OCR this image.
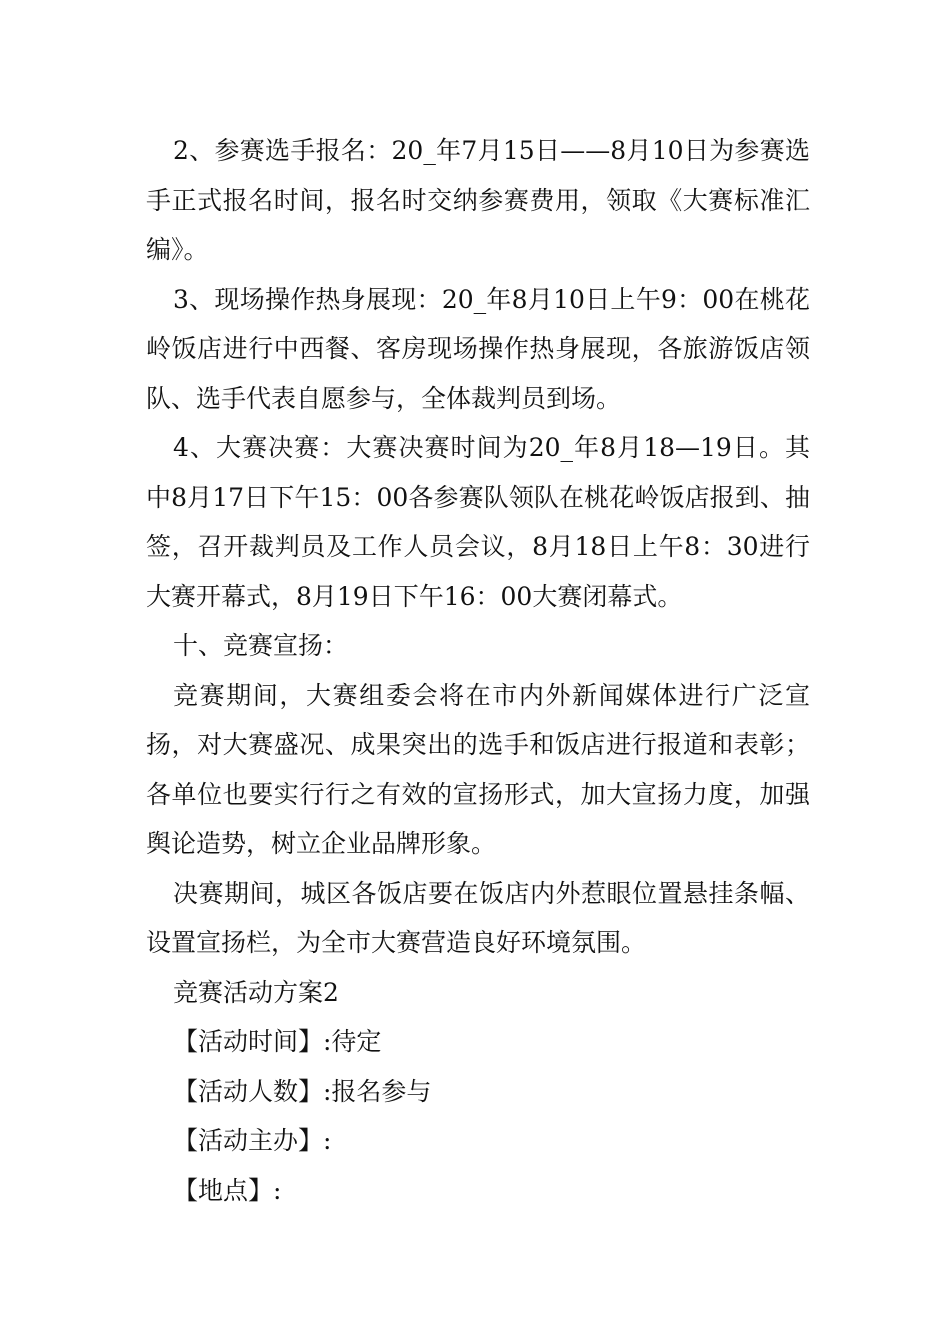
2、参赛选手报名：20_年7月15日——8月10日为参赛选手正式报名时间，报名时交纳参赛费用，领取《大赛标准汇编》。

3、现场操作热身展现：20_年8月10日上午9：00在桃花岭饭店进行中西餐、客房现场操作热身展现，各旅游饭店领队、选手代表自愿参与，全体裁判员到场。

4、大赛决赛：大赛决赛时间为20_年8月18—19日。其中8月17日下午15：00各参赛队领队在桃花岭饭店报到、抽签，召开裁判员及工作人员会议，8月18日上午8：30进行大赛开幕式，8月19日下午16：00大赛闭幕式。

十、竞赛宣扬：

竞赛期间，大赛组委会将在市内外新闻媒体进行广泛宣扬，对大赛盛况、成果突出的选手和饭店进行报道和表彰；各单位也要实行行之有效的宣扬形式，加大宣扬力度，加强舆论造势，树立企业品牌形象。

决赛期间，城区各饭店要在饭店内外惹眼位置悬挂条幅、设置宣扬栏，为全市大赛营造良好环境氛围。

竞赛活动方案2

【活动时间】:待定

【活动人数】:报名参与

【活动主办】:

【地点】:
